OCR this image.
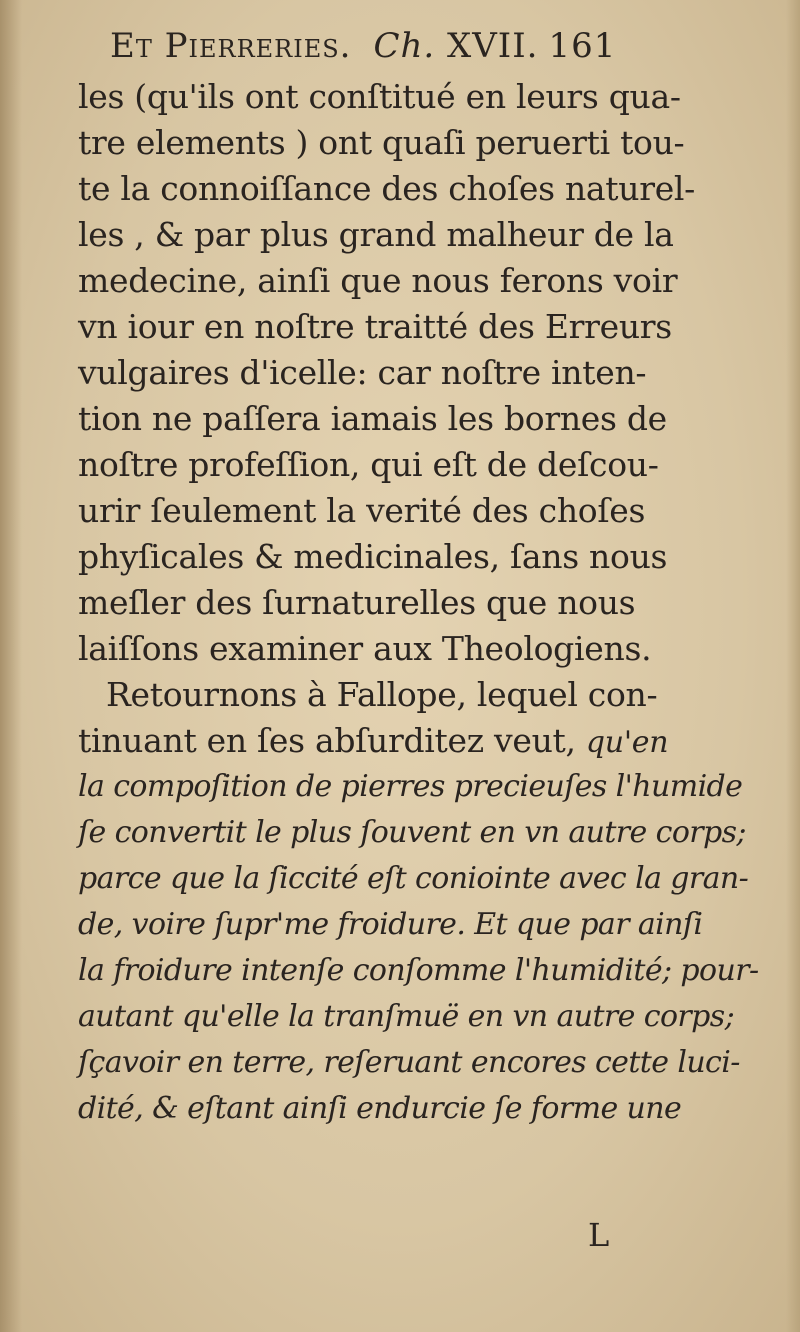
Et Pierreries. Ch. XVII. 161
les (qu'ils ont conſtitué en leurs qua-
tre elements ) ont quaſi peruerti tou-
te la connoiſſance des choſes naturel-
les , & par plus grand malheur de la
medecine, ainſi que nous ferons voir
vn iour en noſtre traitté des Erreurs
vulgaires d'icelle: car noſtre inten-
tion ne paſſera iamais les bornes de
noſtre profeſſion, qui eſt de deſcou-
urir ſeulement la verité des choſes
phyſicales & medicinales, ſans nous
meſler des ſurnaturelles que nous
laiſſons examiner aux Theologiens.
Retournons à Fallope, lequel con-
tinuant en ſes abſurditez veut, qu'en
la compoſition de pierres precieuſes l'humide
ſe convertit le plus ſouvent en vn autre corps;
parce que la ſiccité eſt coniointe avec la gran-
de, voire ſupr'me froidure. Et que par ainſi
la froidure intenſe conſomme l'humidité; pour-
autant qu'elle la tranſmuë en vn autre corps;
ſçavoir en terre, reſeruant encores cette luci-
dité, & eſtant ainſi endurcie ſe forme une
L
